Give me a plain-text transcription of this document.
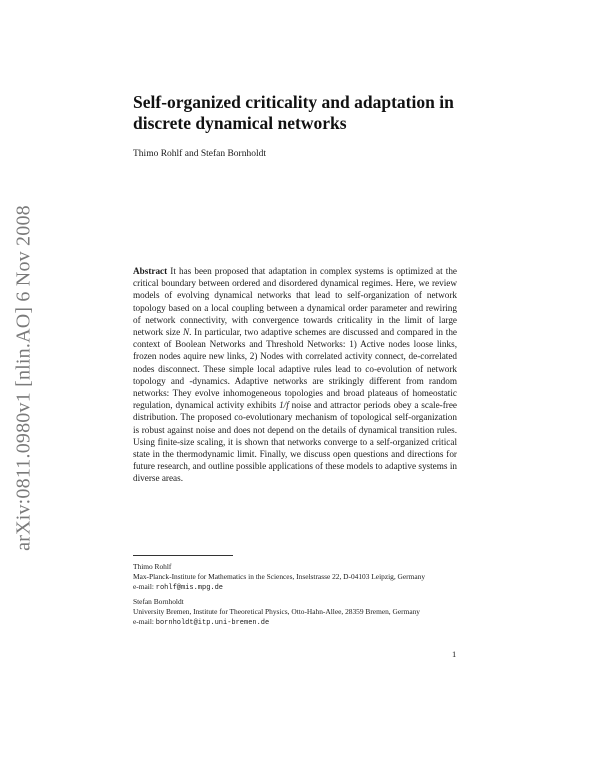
arXiv:0811.0980v1 [nlin.AO] 6 Nov 2008
Self-organized criticality and adaptation in discrete dynamical networks

Thimo Rohlf and Stefan Bornholdt

Abstract It has been proposed that adaptation in complex systems is optimized at the critical boundary between ordered and disordered dynamical regimes. Here, we review models of evolving dynamical networks that lead to self-organization of network topology based on a local coupling between a dynamical order parameter and rewiring of network connectivity, with convergence towards criticality in the limit of large network size N. In particular, two adaptive schemes are discussed and compared in the context of Boolean Networks and Threshold Networks: 1) Active nodes loose links, frozen nodes aquire new links, 2) Nodes with correlated activity connect, de-correlated nodes disconnect. These simple local adaptive rules lead to co-evolution of network topology and -dynamics. Adaptive networks are strikingly different from random networks: They evolve inhomogeneous topologies and broad plateaus of homeostatic regulation, dynamical activity exhibits 1/f noise and attractor periods obey a scale-free distribution. The proposed co-evolutionary mechanism of topological self-organization is robust against noise and does not depend on the details of dynamical transition rules. Using finite-size scaling, it is shown that networks converge to a self-organized critical state in the thermodynamic limit. Finally, we discuss open questions and directions for future research, and outline possible applications of these models to adaptive systems in diverse areas.

Thimo Rohlf
Max-Planck-Institute for Mathematics in the Sciences, Inselstrasse 22, D-04103 Leipzig, Germany
e-mail: rohlf@mis.mpg.de
Stefan Bornholdt
University Bremen, Institute for Theoretical Physics, Otto-Hahn-Allee, 28359 Bremen, Germany
e-mail: bornholdt@itp.uni-bremen.de
1
